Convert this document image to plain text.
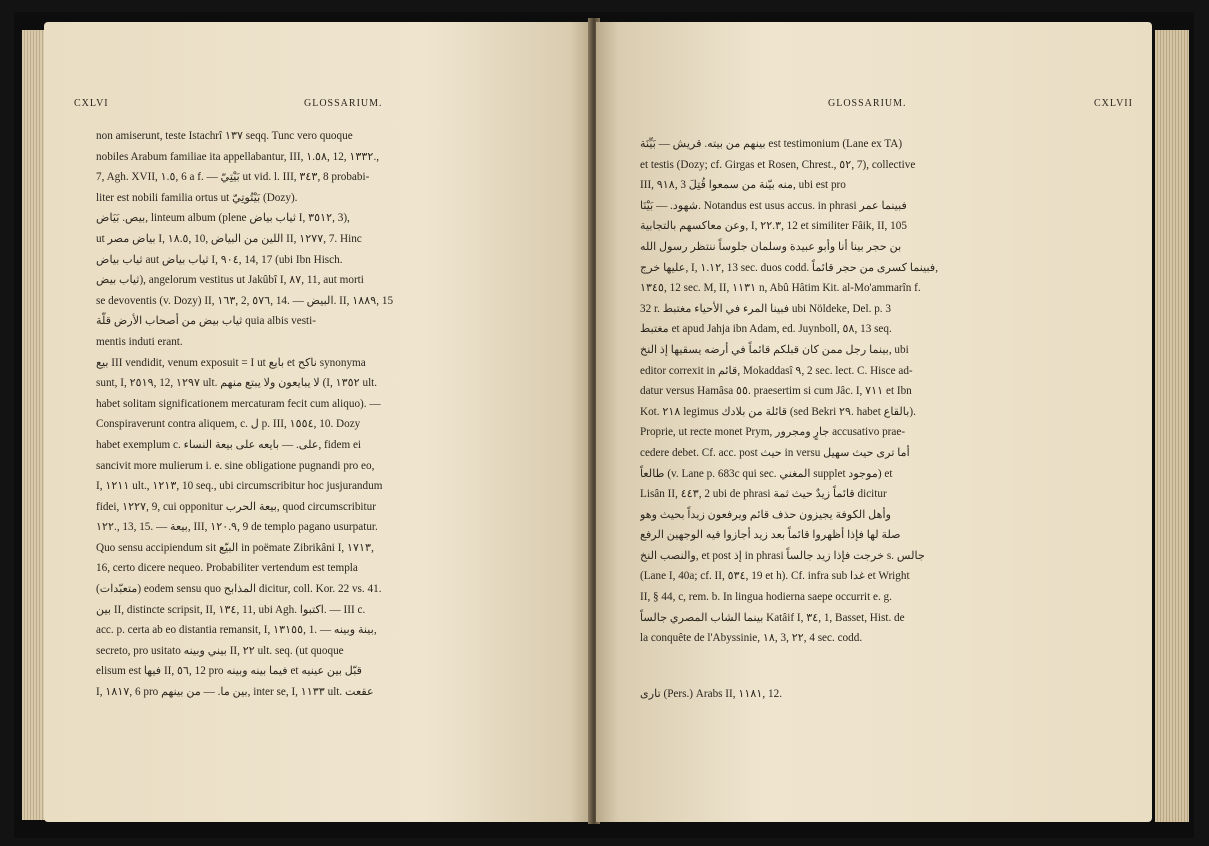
CXLVI	GLOSSARIUM.
non amiserunt, teste Istachrî ١٣٧ seqq. Tunc vero quoque
nobiles Arabum familiae ita appellabantur, III, ١.٥٨, 12, ١٣٣٢.,
7, Agh. XVII, ١.٥, 6 a f. — بَيْتِيّ ut vid. l. III, ٣٤٣, 8 probabi-
liter est nobili familia ortus ut بَيْتُوتِيّ (Dozy).
بيص. بَيَاض, linteum album (plene ثياب بياض I, ٣٥١٢, 3),
ut بياض مصر I, ١٨.٥, 10, اللين من البياض II, ١٢٧٧, 7. Hinc
ثياب بياض aut ثياب بياض I, ٩٠٤, 14, 17 (ubi Ibn Hisch.
ثياب بيض), angelorum vestitus ut Jakûbî I, ٨٧, 11, aut morti
se devoventis (v. Dozy) II, ١٦٣, 2, ٥٧٦, 14. — البيض. II, ١٨٨٩, 15
ثياب بيض من أصحاب الأرض قلّة quia albis vesti-
mentis induti erant.
بيع III vendidit, venum exposuit = I ut بايع et ناكح synonyma
sunt, I, ٢٥١٩, 12, ١٢٩٧ ult. لا يبايعون ولا يبتع منهم (I, ١٣٥٢ ult.
habet solitam significationem mercaturam fecit cum aliquo). —
Conspiraverunt contra aliquem, c. ل p. III, ١٥٥٤, 10. Dozy
habet exemplum c. على. — بايعه على بيعة النساء, fidem ei
sancivit more mulierum i. e. sine obligatione pugnandi pro eo,
I, ١٢١١ ult., ١٢١٣, 10 seq., ubi circumscribitur hoc jusjurandum
fidei, ١٢٢٧, 9, cui opponitur بيعة الحرب, quod circumscribitur
١٢٢., 13, 15. — بيعة, III, ١٢٠.٩, 9 de templo pagano usurpatur.
Quo sensu accipiendum sit البيّع in poëmate Zibrikâni I, ١٧١٣,
16, certo dicere nequeo. Probabiliter vertendum est templa
(متعبّدات) eodem sensu quo المذابح dicitur, coll. Kor. 22 vs. 41.
بين II, distincte scripsit, II, ١٣٤, 11, ubi Agh. اكتبوا. — III c.
acc. p. certa ab eo distantia remansit, I, ١٣١٥٥, 1. — بينة وبينه,
secreto, pro usitato بيني وبينه II, ٢٢ ult. seq. (ut quoque
elisum est فيها II, ٥٦, 12 pro فيما بينه وبينه et قبّل بين عينيه
I, ١٨١٧, 6 pro بين ما. — من بينهم, inter se, I, ١١٣٣ ult. عقعت
GLOSSARIUM.	CXLVII
بينهم من بيته. قريش — بَيِّنَة est testimonium (Lane ex TA)
et testis (Dozy; cf. Girgas et Rosen, Chrest., ٥٢, 7), collective
III, ٩١٨, 3 منه بيّنة من سمعوا قُتِلَ, ubi est pro
شهود. — بَيْنَا. Notandus est usus accus. in phrasi فبينما عمر
وعن معاكسهم بالتجابية, I, ٢٢.٣, 12 et similiter Fâik, II, 105
بن حجر بينا أنا وأبو عبيدة وسلمان جلوساً ننتظر رسول الله
عليها خرج, I, ١.١٢, 13 sec. duos codd. فبينما كسرى من حجر قائماً,
١٣٤٥, 12 sec. M, II, ١١٣١ n, Abû Hâtim Kit. al-Mo'ammarîn f.
32 r. فبينا المرء في الأحياء مغتبط ubi Nöldeke, Del. p. 3
مغتبط et apud Jahja ibn Adam, ed. Juynboll, ٥٨, 13 seq.
بينما رجل ممن كان قبلكم قائماً في أرضه يسقيها إذ النخ, ubi
editor correxit in قائم, Mokaddasî ٩, 2 sec. lect. C. Hisce ad-
datur versus Hamâsa ٥٥. praesertim si cum Jâc. I, ٧١١ et Ibn
Kot. ٢١٨ legimus قائلة من بلادك (sed Bekri ٢٩. habet بالقاع).
Proprie, ut recte monet Prym, جارٍ ومجرور accusativo prae-
cedere debet. Cf. acc. post حيث in versu أما ترى حيث سهيل
طالعاً (v. Lane p. 683c qui sec. المغني supplet موجود) et
Lisân II, ٤٤٣, 2 ubi de phrasi قائماً زيدٌ حيث ثمة dicitur
وأهل الكوفة يجيزون حذف قائم ويرفعون زيداً بحيث وهو
صلة لها فإذا أظهروا قائماً بعد زيد أجازوا فيه الوجهين الرفع
والنصب النخ, et post إذ in phrasi خرجت فإذا زيد جالساً s. جالس
(Lane I, 40a; cf. II, ٥٣٤, 19 et h). Cf. infra sub غدا et Wright
II, § 44, c, rem. b. In lingua hodierna saepe occurrit e. g.
بينما الشاب المصري جالساً Katâif I, ٣٤, 1, Basset, Hist. de
la conquête de l'Abyssinie, ١٨, 3, ٢٢, 4 sec. codd.
تارى (Pers.) Arabs II, ١١٨١, 12.
